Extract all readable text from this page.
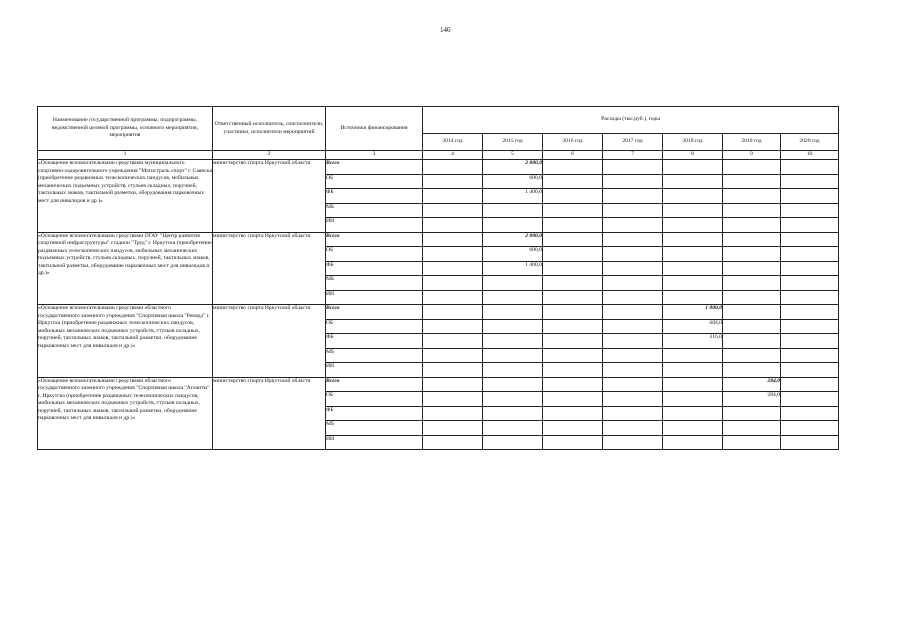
146
Наименование государственной программы, подпрограммы, ведомственной целевой программы, основного мероприятия, мероприятия	Ответственный исполнитель, соисполнители, участники, исполнители мероприятий	Источники финансирования	Расходы (тыс.руб.), годы						
			2014 год	2015 год	2016 год	2017 год	2018 год	2019 год	2020 год
1	2	3	4	5	6	7	8	9	10
«Оснащение вспомогательными средствами муниципального спортивно-оздоровительного учреждения "Магистраль спорт" г. Саянска (приобретение раздвижных телескопических пандусов, мобильных механических подъемных устройств, стульев складных, поручней, тактильных знаков, тактильной разметки, оборудования парковочных мест для инвалидов и др.)»	министерство спорта Иркутской области	Всего		2 000,0					
		ОБ		600,0					
		ФБ		1 400,0					
		МБ							
		ИИ							
«Оснащение вспомогательными средствами ОГАУ "Центр развития спортивной инфраструктуры" стадион "Труд" г. Иркутска (приобретение раздвижных телескопических пандусов, мобильных механических подъемных устройств, стульев складных, поручней, тактильных знаков, тактильной разметки, оборудование парковочных мест для инвалидов и др.)»	министерство спорта Иркутской области	Всего		2 000,0					
		ОБ		600,0					
		ФБ		1 400,0					
		МБ							
		ИИ							
«Оснащение вспомогательными средствами областного государственного казенного учреждения "Спортивная школа "Рекорд" г. Иркутска (приобретение раздвижных телескопических пандусов, мобильных механических подъемных устройств, стульев складных, поручней, тактильных знаков, тактильной разметки, оборудование парковочных мест для инвалидов и др.)»	министерство спорта Иркутской области	Всего					1 000,0		
		ОБ					684,0		
		ФБ					316,0		
		МБ							
		ИИ							
«Оснащение вспомогательными средствами областного государственного казенного учреждения "Спортивная школа "Атланты" г. Иркутска (приобретение раздвижных телескопических пандусов, мобильных механических подъемных устройств, стульев складных, поручней, тактильных знаков, тактильной разметки, оборудование парковочных мест для инвалидов и др.)»	министерство спорта Иркутской области	Всего						284,0	
		ОБ						284,0	
		ФБ							
		МБ							
		ИИ							
